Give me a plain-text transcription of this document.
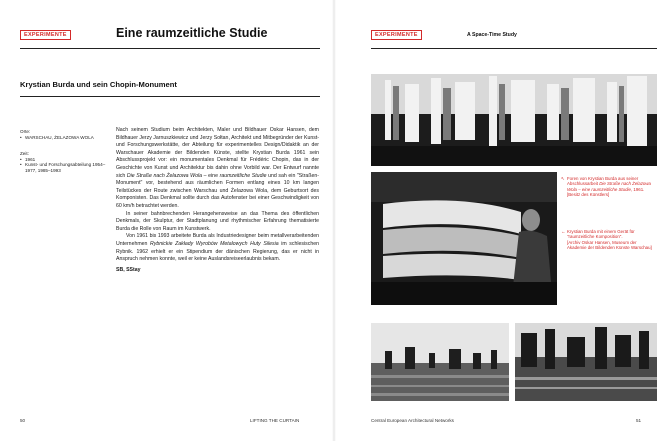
EXPERIMENTE	Eine raumzeitliche Studie
Krystian Burda und sein Chopin-Monument
Orte:
• WARSCHAU, ŻELAZOWA WOLA
Zeit:
• 1961
• Kunst- und Forschungsabteilung 1954–1977, 1985–1993

Nach seinem Studium beim Architekten, Maler und Bildhauer Oskar Hansen, dem Bildhauer Jerzy Jarnuszkiewicz und Jerzy Sołtan, Architekt und Mitbegründer der Kunst- und Forschungswerkstätte, der Abteilung für experimentelles Design/Didaktik an der Warschauer Akademie der Bildenden Künste, stellte Krystian Burda 1961 sein Abschlussprojekt vor: ein monumentales Denkmal für Frédéric Chopin, das in der Geschichte von Kunst und Architektur bis dahin ohne Vorbild war. Der Entwurf nannte sich Die Straße nach Żelazowa Wola – eine raumzeitliche Studie und sah ein "Straßen-Monument" vor, bestehend aus räumlichen Formen entlang eines 10 km langen Teilstückes der Route zwischen Warschau und Żelazowa Wola, dem Geburtsort des Komponisten. Das Denkmal sollte durch das Autofenster bei einer Geschwindigkeit von 60 km/h betrachtet werden.

In seiner bahnbrechenden Herangehensweise an das Thema des öffentlichen Denkmals, der Skulptur, der Stadtplanung und rhythmischer Erfahrung thematisierte Burda die Rolle von Raum im Kunstwerk.

Von 1961 bis 1993 arbeitete Burda als Industriedesigner beim metallverarbeitenden Unternehmen Rybnickie Zakłady Wyrobów Metalowych Huty Silesia im schlesischen Rybnik. 1962 erhielt er ein Stipendium der dänischen Regierung, das er nicht in Anspruch nehmen konnte, weil er keine Auslandsreiseerlaubnis bekam.

SB, SStay

50	LIFTING THE CURTAIN
EXPERIMENTE	A Space-Time Study
↖ Foren von Krystian Burda aus seiner Abschlussarbeit Die Straße nach Żelazowa Wola – eine raumzeitliche Studie, 1961.
[Besitz des Künstlers]
← Krystian Burda mit einem Gerät für "raumzeitliche Komposition".
[Archiv Oskar Hansen, Museum der Akademie der Bildenden Künste Warschau]
Central European Architectural Networks	51
